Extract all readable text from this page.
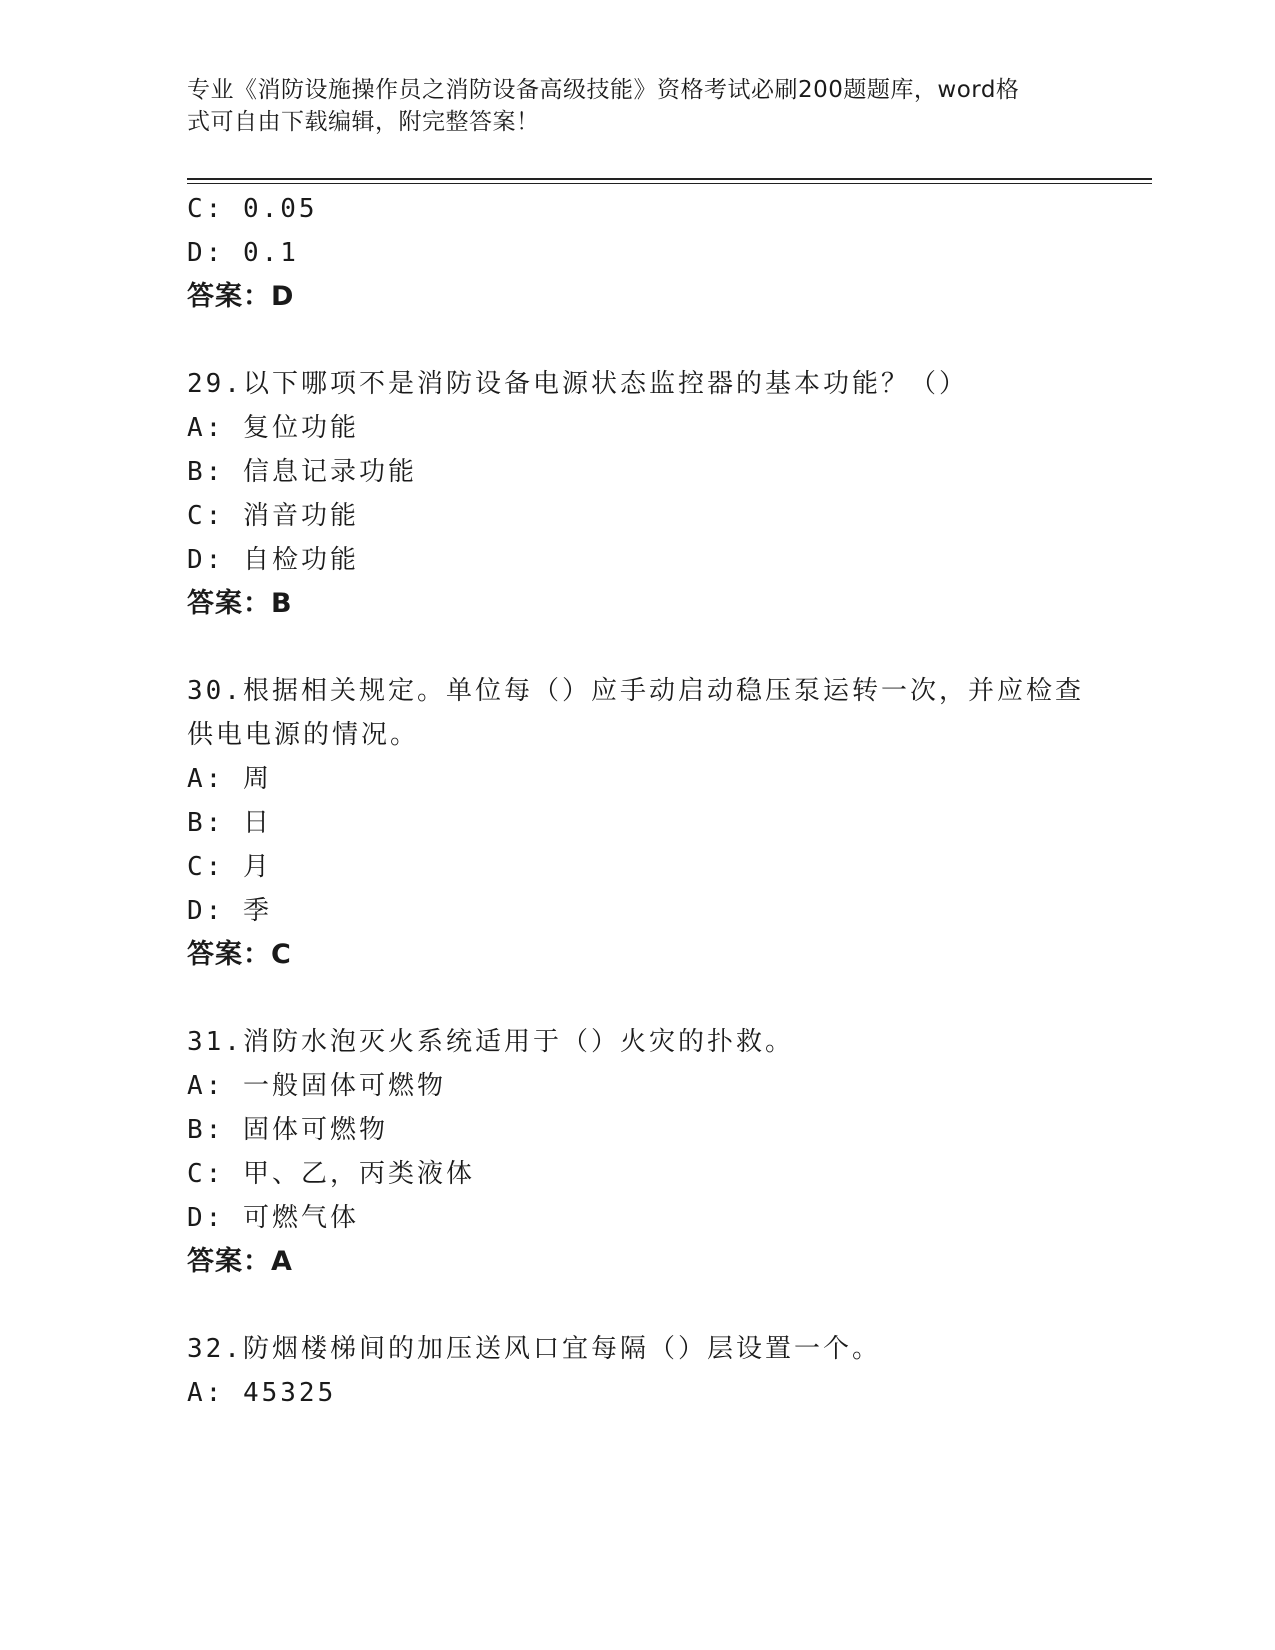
专业《消防设施操作员之消防设备高级技能》资格考试必刷200题题库，word格
式可自由下载编辑，附完整答案！
C: 0.05
D: 0.1
答案：D
29.以下哪项不是消防设备电源状态监控器的基本功能？（）
A: 复位功能
B: 信息记录功能
C: 消音功能
D: 自检功能
答案：B
30.根据相关规定。单位每（）应手动启动稳压泵运转一次，并应检查
供电电源的情况。
A: 周
B: 日
C: 月
D: 季
答案：C
31.消防水泡灭火系统适用于（）火灾的扑救。
A: 一般固体可燃物
B: 固体可燃物
C: 甲、乙，丙类液体
D: 可燃气体
答案：A
32.防烟楼梯间的加压送风口宜每隔（）层设置一个。
A: 45325
